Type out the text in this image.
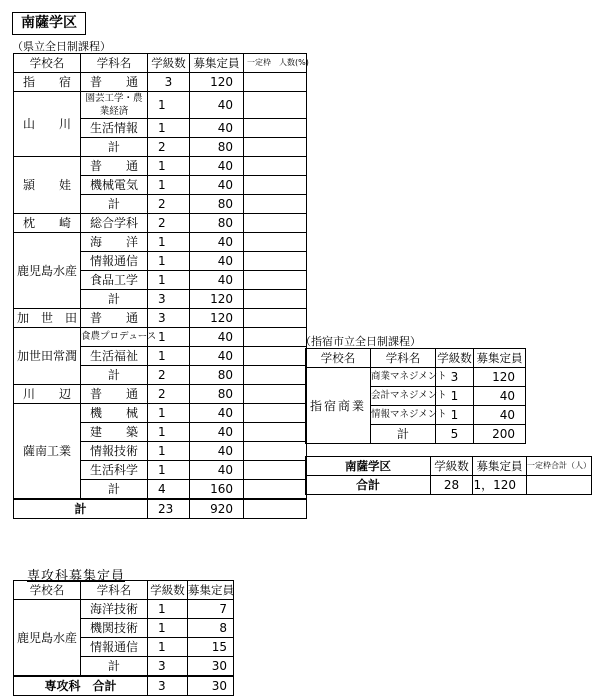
南薩学区
（県立全日制課程）
学校名	学科名	学級数	募集定員	一定枠　人数(%)
指　　宿	普　　通	3	120	
山　　川	園芸工学・農業経済	1	40	
	生活情報	1	40	
	計	2	80	
頴　　娃	普　　通	1	40	
	機械電気	1	40	
	計	2	80	
枕　　崎	総合学科	2	80	
鹿児島水産	海　　洋	1	40	
	情報通信	1	40	
	食品工学	1	40	
	計	3	120	
加　世　田	普　　通	3	120	
加世田常潤	食農プロデュース	1	40	
	生活福祉	1	40	
	計	2	80	
川　　辺	普　　通	2	80	
薩南工業	機　　械	1	40	
	建　　築	1	40	
	情報技術	1	40	
	生活科学	1	40	
	計	4	160	
計		23	920	
（指宿市立全日制課程）
学校名	学科名	学級数	募集定員
指宿商業	商業マネジメント	3	120
	会計マネジメント	1	40
	情報マネジメント	1	40
	計	5	200
南薩学区	学級数	募集定員	一定枠合計（人）
合計	28	1，120	
専攻科募集定員
学校名	学科名	学級数	募集定員
鹿児島水産	海洋技術	1	7
	機関技術	1	8
	情報通信	1	15
	計	3	30
専攻科　合計		3	30
